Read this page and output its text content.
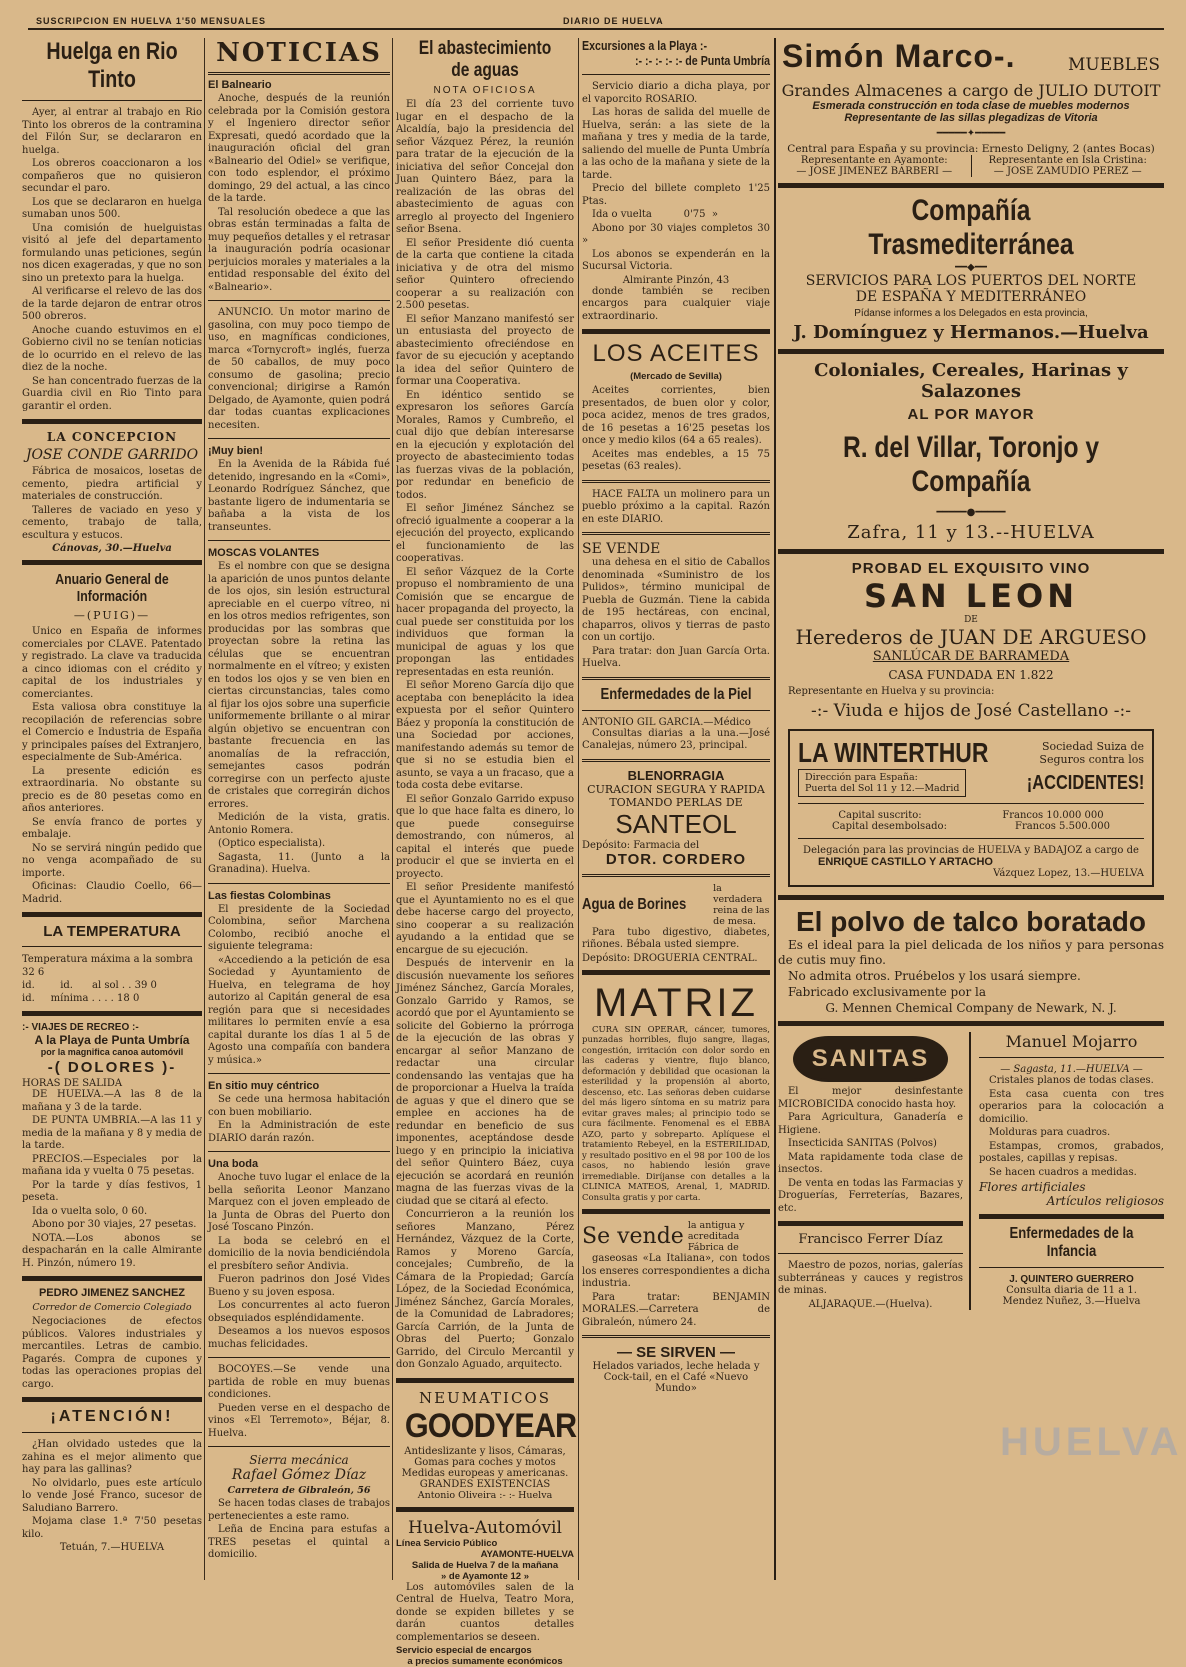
SUSCRIPCION EN HUELVA 1'50 MENSUALES	DIARIO DE HUELVA
Huelga en Rio Tinto

Ayer, al entrar al trabajo en Rio Tinto los obreros de la contramina del Filón Sur, se declararon en huelga.

Los obreros coaccionaron a los compañeros que no quisieron secundar el paro.

Los que se declararon en huelga sumaban unos 500.

Una comisión de huelguistas visitó al jefe del departamento formulando unas peticiones, según nos dicen exageradas, y que no son sino un pretexto para la huelga.

Al verificarse el relevo de las dos de la tarde dejaron de entrar otros 500 obreros.

Anoche cuando estuvimos en el Gobierno civil no se tenían noticias de lo ocurrido en el relevo de las diez de la noche.

Se han concentrado fuerzas de la Guardia civil en Rio Tinto para garantir el orden.

LA CONCEPCION
JOSE CONDE GARRIDO

Fábrica de mosaicos, losetas de cemento, piedra artificial y materiales de construcción.

Talleres de vaciado en yeso y cemento, trabajo de talla, escultura y estucos.

Cánovas, 30.—Huelva
Anuario General de Información
—(PUIG)—

Unico en España de informes comerciales por CLAVE. Patentado y registrado. La clave va traducida a cinco idiomas con el crédito y capital de los industriales y comerciantes.

Esta valiosa obra constituye la recopilación de referencias sobre el Comercio e Industria de España y principales países del Extranjero, especialmente de Sub-América.

La presente edición es extraordinaria. No obstante su precio es de 80 pesetas como en años anteriores.

Se envía franco de portes y embalaje.

No se servirá ningún pedido que no venga acompañado de su importe.

Oficinas: Claudio Coello, 66—Madrid.

LA TEMPERATURA
Temperatura máxima a la sombra 32 6
id.        id.      al sol . . 39 0
id.     mínima . . . . 18 0
:- VIAJES DE RECREO :-
A la Playa de Punta Umbría
por la magnifica canoa automóvil
-( DOLORES )-
HORAS DE SALIDA

DE HUELVA.—A las 8 de la mañana y 3 de la tarde.

DE PUNTA UMBRIA.—A las 11 y media de la mañana y 8 y media de la tarde.

PRECIOS.—Especiales por la mañana ida y vuelta 0 75 pesetas.

Por la tarde y días festivos, 1 peseta.

Ida o vuelta solo, 0 60.

Abono por 30 viajes, 27 pesetas.

NOTA.—Los abonos se despacharán en la calle Almirante H. Pinzón, número 19.

PEDRO JIMENEZ SANCHEZ
Corredor de Comercio Colegiado

Negociaciones de efectos públicos. Valores industriales y mercantiles. Letras de cambio. Pagarés. Compra de cupones y todas las operaciones propias del cargo.

¡ATENCIÓN!

¿Han olvidado ustedes que la zahina es el mejor alimento que hay para las gallinas?

No olvidarlo, pues este artículo lo vende José Franco, sucesor de Saludiano Barrero.

Mojama clase 1.ª 7'50 pesetas kilo.

Tetuán, 7.—HUELVA
NOTICIAS
El Balneario

Anoche, después de la reunión celebrada por la Comisión gestora y el Ingeniero director señor Expresati, quedó acordado que la inauguración oficial del gran «Balneario del Odiel» se verifique, con todo esplendor, el próximo domingo, 29 del actual, a las cinco de la tarde.

Tal resolución obedece a que las obras están terminadas a falta de muy pequeños detalles y el retrasar la inauguración podría ocasionar perjuicios morales y materiales a la entidad responsable del éxito del «Balneario».

ANUNCIO. Un motor marino de gasolina, con muy poco tiempo de uso, en magníficas condiciones, marca «Tornycroft» inglés, fuerza de 50 caballos, de muy poco consumo de gasolina; precio convencional; dirigirse a Ramón Delgado, de Ayamonte, quien podrá dar todas cuantas explicaciones necesiten.

¡Muy bien!

En la Avenida de la Rábida fué detenido, ingresando en la «Comi», Leonardo Rodríguez Sánchez, que bastante ligero de indumentaria se bañaba a la vista de los transeuntes.

MOSCAS VOLANTES

Es el nombre con que se designa la aparición de unos puntos delante de los ojos, sin lesión estructural apreciable en el cuerpo vítreo, ni en los otros medios refrigentes, son producidas por las sombras que proyectan sobre la retina las células que se encuentran normalmente en el vítreo; y existen en todos los ojos y se ven bien en ciertas circunstancias, tales como al fijar los ojos sobre una superficie uniformemente brillante o al mirar algún objetivo se encuentran con bastante frecuencia en las anomalías de la refracción, semejantes casos podrán corregirse con un perfecto ajuste de cristales que corregirán dichos errores.

Medición de la vista, gratis. Antonio Romera.

(Optico especialista).

Sagasta, 11. (Junto a la Granadina). Huelva.

Las fiestas Colombinas

El presidente de la Sociedad Colombina, señor Marchena Colombo, recibió anoche el siguiente telegrama:

«Accediendo a la petición de esa Sociedad y Ayuntamiento de Huelva, en telegrama de hoy autorizo al Capitán general de esa región para que si necesidades militares lo permiten envíe a esa capital durante los días 1 al 5 de Agosto una compañía con bandera y música.»

En sitio muy céntrico

Se cede una hermosa habitación con buen mobiliario.

En la Administración de este DIARIO darán razón.

Una boda

Anoche tuvo lugar el enlace de la bella señorita Leonor Manzano Marquez con el joven empleado de la Junta de Obras del Puerto don José Toscano Pinzón.

La boda se celebró en el domicilio de la novia bendiciéndola el presbítero señor Andivia.

Fueron padrinos don José Vides Bueno y su joven esposa.

Los concurrentes al acto fueron obsequiados espléndidamente.

Deseamos a los nuevos esposos muchas felicidades.

BOCOYES.—Se vende una partida de roble en muy buenas condiciones.

Pueden verse en el despacho de vinos «El Terremoto», Béjar, 8. Huelva.

Sierra mecánica
Rafael Gómez Díaz
Carretera de Gibraleón, 56

Se hacen todas clases de trabajos pertenecientes a este ramo.

Leña de Encina para estufas a TRES pesetas el quintal a domicilio.

El abastecimiento de aguas
NOTA OFICIOSA

El día 23 del corriente tuvo lugar en el despacho de la Alcaldía, bajo la presidencia del señor Vázquez Pérez, la reunión para tratar de la ejecución de la iniciativa del señor Concejal don Juan Quintero Báez, para la realización de las obras del abastecimiento de aguas con arreglo al proyecto del Ingeniero señor Bsena.

El señor Presidente dió cuenta de la carta que contiene la citada iniciativa y de otra del mismo señor Quintero ofreciendo cooperar a su realización con 2.500 pesetas.

El señor Manzano manifestó ser un entusiasta del proyecto de abastecimiento ofreciéndose en favor de su ejecución y aceptando la idea del señor Quintero de formar una Cooperativa.

En idéntico sentido se expresaron los señores García Morales, Ramos y Cumbreño, el cual dijo que debían interesarse en la ejecución y explotación del proyecto de abastecimiento todas las fuerzas vivas de la población, por redundar en beneficio de todos.

El señor Jiménez Sánchez se ofreció igualmente a cooperar a la ejecución del proyecto, explicando el funcionamiento de las cooperativas.

El señor Vázquez de la Corte propuso el nombramiento de una Comisión que se encargue de hacer propaganda del proyecto, la cual puede ser constituida por los individuos que forman la municipal de aguas y los que propongan las entidades representadas en esta reunión.

El señor Moreno García dijo que aceptaba con beneplácito la idea expuesta por el señor Quintero Báez y proponía la constitución de una Sociedad por acciones, manifestando además su temor de que si no se estudia bien el asunto, se vaya a un fracaso, que a toda costa debe evitarse.

El señor Gonzalo Garrido expuso que lo que hace falta es dinero, lo que puede conseguirse demostrando, con números, al capital el interés que puede producir el que se invierta en el proyecto.

El señor Presidente manifestó que el Ayuntamiento no es el que debe hacerse cargo del proyecto, sino cooperar a su realización ayudando a la entidad que se encargue de su ejecución.

Después de intervenir en la discusión nuevamente los señores Jiménez Sánchez, García Morales, Gonzalo Garrido y Ramos, se acordó que por el Ayuntamiento se solicite del Gobierno la prórroga de la ejecución de las obras y encargar al señor Manzano de redactar una circular condensando las ventajas que ha de proporcionar a Huelva la traída de aguas y que el dinero que se emplee en acciones ha de redundar en beneficio de sus imponentes, aceptándose desde luego y en principio la iniciativa del señor Quintero Báez, cuya ejecución se acordará en reunión magna de las fuerzas vivas de la ciudad que se citará al efecto.

Concurrieron a la reunión los señores Manzano, Pérez Hernández, Vázquez de la Corte, Ramos y Moreno García, concejales; Cumbreño, de la Cámara de la Propiedad; García López, de la Sociedad Económica, Jiménez Sánchez, García Morales, de la Comunidad de Labradores; García Carrión, de la Junta de Obras del Puerto; Gonzalo Garrido, del Circulo Mercantil y don Gonzalo Aguado, arquitecto.

NEUMATICOS
GOODYEAR
Antideslizante y lisos, Cámaras, Gomas para coches y motos
Medidas europeas y americanas.
GRANDES EXISTENCIAS
Antonio Oliveira :- :- Huelva
Huelva-Automóvil
Línea Servicio Público
AYAMONTE-HUELVA
Salida de Huelva 7 de la mañana
» de Ayamonte 12 »

Los automóviles salen de la Central de Huelva, Teatro Mora, donde se expiden billetes y se darán cuantos detalles complementarios se deseen.

Servicio especial de encargos
a precios sumamente económicos
Excursiones a la Playa :-
:- :- :- :- :- de Punta Umbría

Servicio diario a dicha playa, por el vaporcito ROSARIO.

Las horas de salida del muelle de Huelva, serán: a las siete de la mañana y tres y media de la tarde, saliendo del muelle de Punta Umbría a las ocho de la mañana y siete de la tarde.

Precio del billete completo 1'25 Ptas.

Ida o vuelta          0'75  »

Abono por 30 viajes completos 30 »

Los abonos se expenderán en la Sucursal Victoria.

Almirante Pinzón, 43

donde también se reciben encargos para cualquier viaje extraordinario.

LOS ACEITES
(Mercado de Sevilla)

Aceites corrientes, bien presentados, de buen olor y color, poca acidez, menos de tres grados, de 16 pesetas a 16'25 pesetas los once y medio kilos (64 a 65 reales).

Aceites mas endebles, a 15 75 pesetas (63 reales).

HACE FALTA un molinero para un pueblo próximo a la capital. Razón en este DIARIO.

SE VENDE

una dehesa en el sitio de Caballos denominada «Suministro de los Pulidos», término municipal de Puebla de Guzmán. Tiene la cabida de 195 hectáreas, con encinal, chaparros, olivos y tierras de pasto con un cortijo.

Para tratar: don Juan García Orta. Huelva.

Enfermedades de la Piel
ANTONIO GIL GARCIA.—Médico

Consultas diarias a la una.—José Canalejas, número 23, principal.

BLENORRAGIA
CURACION SEGURA Y RAPIDA
TOMANDO PERLAS DE
SANTEOL
Depósito: Farmacia del
DTOR. CORDERO
Agua de Borines
la verdadera reina de las de mesa.

Para tubo digestivo, diabetes, riñones. Bébala usted siempre.

Depósito: DROGUERIA CENTRAL.
MATRIZ

CURA SIN OPERAR, cáncer, tumores, punzadas horribles, flujo sangre, llagas, congestión, irritación con dolor sordo en las caderas y vientre, flujo blanco, deformación y debilidad que ocasionan la esterilidad y la propensión al aborto, descenso, etc. Las señoras deben cuidarse del más ligero síntoma en su matriz para evitar graves males; al principio todo se cura fácilmente. Fenomenal es el EBBA AZO, parto y sobreparto. Aplíquese el tratamiento Rebeyel, en la ESTERILIDAD, y resultado positivo en el 98 por 100 de los casos, no habiendo lesión grave irremediable. Diríjanse con detalles a la CLINICA MATEOS, Arenal, 1, MADRID. Consulta gratis y por carta.

Se vende la antigua y acreditada Fábrica de

gaseosas «La Italiana», con todos los enseres correspondientes a dicha industria.

Para tratar: BENJAMIN MORALES.—Carretera de Gibraleón, número 24.

— SE SIRVEN —
Helados variados, leche helada y Cock-tail, en el Café «Nuevo Mundo»
Simón Marco-.	MUEBLES
Grandes Almacenes a cargo de JULIO DUTOIT
Esmerada construcción en toda clase de muebles modernos
Representante de las sillas plegadizas de Vitoria
━━━━━✦━━━━━
Central para España y su provincia: Ernesto Deligny, 2 (antes Bocas)
Representante en Ayamonte:
— JOSE JIMENEZ BARBERI —
Representante en Isla Cristina:
— JOSE ZAMUDIO PEREZ —
Compañía Trasmediterránea
━━◆━━
SERVICIOS PARA LOS PUERTOS DEL NORTE
DE ESPAÑA Y MEDITERRÁNEO
Pídanse informes a los Delegados en esta provincia,
J. Domínguez y Hermanos.—Huelva
Coloniales, Cereales, Harinas y Salazones
AL POR MAYOR
R. del Villar, Toronjo y Compañía
━━━━━●━━━━━
Zafra, 11 y 13.--HUELVA
PROBAD EL EXQUISITO VINO
SAN LEON
DE
Herederos de JUAN DE ARGUESO
SANLÚCAR DE BARRAMEDA
CASA FUNDADA EN 1.822
Representante en Huelva y su provincia:
-:- Viuda e hijos de José Castellano -:-
LA WINTERTHUR	Sociedad Suiza de
Seguros contra los
Dirección para España:
Puerta del Sol 11 y 12.—Madrid	¡ACCIDENTES!
Capital suscrito:	Francos 10.000 000
Capital desembolsado:	Francos 5.500.000
Delegación para las provincias de HUELVA y BADAJOZ a cargo de
ENRIQUE CASTILLO Y ARTACHO
Vázquez Lopez, 13.—HUELVA
El polvo de talco boratado

Es el ideal para la piel delicada de los niños y para personas de cutis muy fino.

No admita otros. Pruébelos y los usará siempre.

Fabricado exclusivamente por la

G. Mennen Chemical Company de Newark, N. J.
SANITAS

El mejor desinfestante MICROBICIDA conocido hasta hoy.

Para Agricultura, Ganadería e Higiene.

Insecticida SANITAS (Polvos)

Mata rapidamente toda clase de insectos.

De venta en todas las Farmacias y Droguerías, Ferreterías, Bazares, etc.

Francisco Ferrer Díaz

Maestro de pozos, norias, galerías subterráneas y cauces y registros de minas.

ALJARAQUE.—(Huelva).
Manuel Mojarro
— Sagasta, 11.—HUELVA —

Cristales planos de todas clases.

Esta casa cuenta con tres operarios para la colocación a domicilio.

Molduras para cuadros.

Estampas, cromos, grabados, postales, capillas y repisas.

Se hacen cuadros a medidas.

Flores artificiales
Artículos religiosos
Enfermedades de la Infancia
J. QUINTERO GUERRERO
Consulta diaria de 11 a 1.
Mendez Nuñez, 3.—Huelva
HUELVA
